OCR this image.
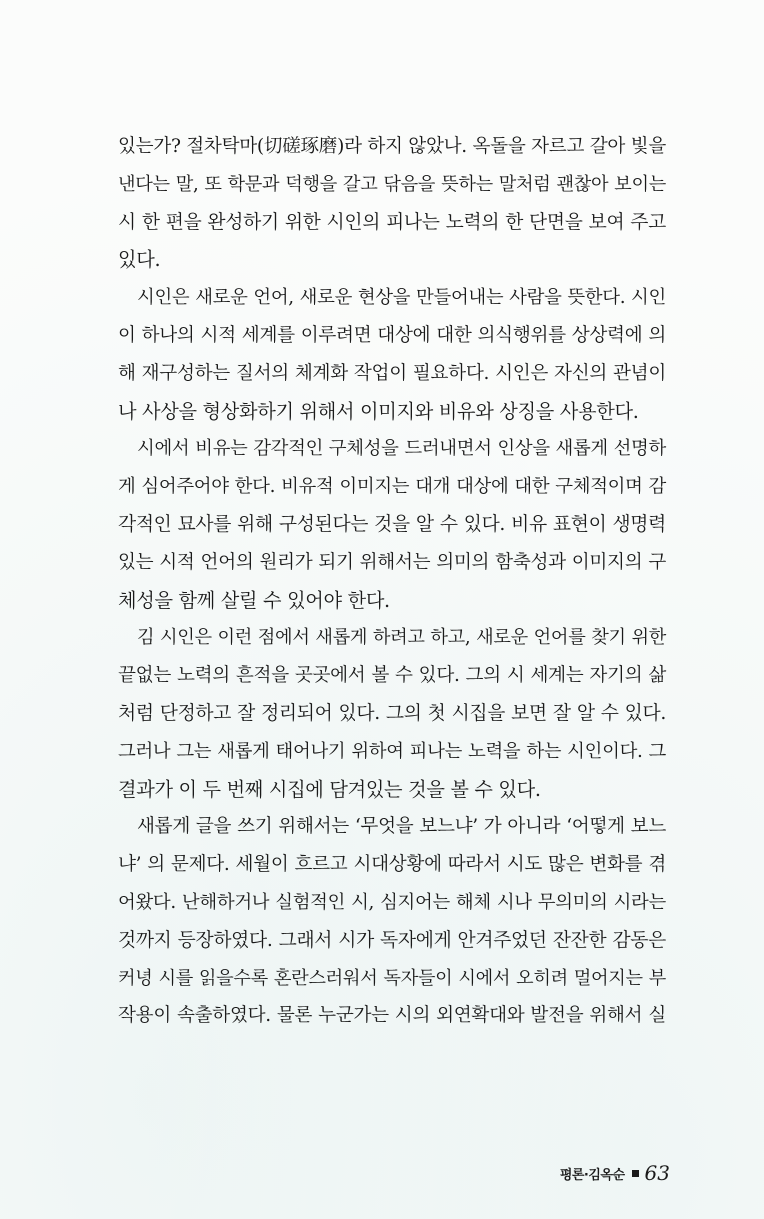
있는가? 절차탁마(切磋琢磨)라 하지 않았나. 옥돌을 자르고 갈아 빛을
낸다는 말, 또 학문과 덕행을 갈고 닦음을 뜻하는 말처럼 괜찮아 보이는
시 한 편을 완성하기 위한 시인의 피나는 노력의 한 단면을 보여 주고
있다.

시인은 새로운 언어, 새로운 현상을 만들어내는 사람을 뜻한다. 시인
이 하나의 시적 세계를 이루려면 대상에 대한 의식행위를 상상력에 의
해 재구성하는 질서의 체계화 작업이 필요하다. 시인은 자신의 관념이
나 사상을 형상화하기 위해서 이미지와 비유와 상징을 사용한다.

시에서 비유는 감각적인 구체성을 드러내면서 인상을 새롭게 선명하
게 심어주어야 한다. 비유적 이미지는 대개 대상에 대한 구체적이며 감
각적인 묘사를 위해 구성된다는 것을 알 수 있다. 비유 표현이 생명력
있는 시적 언어의 원리가 되기 위해서는 의미의 함축성과 이미지의 구
체성을 함께 살릴 수 있어야 한다.

김 시인은 이런 점에서 새롭게 하려고 하고, 새로운 언어를 찾기 위한
끝없는 노력의 흔적을 곳곳에서 볼 수 있다. 그의 시 세계는 자기의 삶
처럼 단정하고 잘 정리되어 있다. 그의 첫 시집을 보면 잘 알 수 있다.
그러나 그는 새롭게 태어나기 위하여 피나는 노력을 하는 시인이다. 그
결과가 이 두 번째 시집에 담겨있는 것을 볼 수 있다.

새롭게 글을 쓰기 위해서는 ‘무엇을 보느냐’ 가 아니라 ‘어떻게 보느
냐’ 의 문제다. 세월이 흐르고 시대상황에 따라서 시도 많은 변화를 겪
어왔다. 난해하거나 실험적인 시, 심지어는 해체 시나 무의미의 시라는
것까지 등장하였다. 그래서 시가 독자에게 안겨주었던 잔잔한 감동은
커녕 시를 읽을수록 혼란스러워서 독자들이 시에서 오히려 멀어지는 부
작용이 속출하였다. 물론 누군가는 시의 외연확대와 발전을 위해서 실

평론·김옥순 63
